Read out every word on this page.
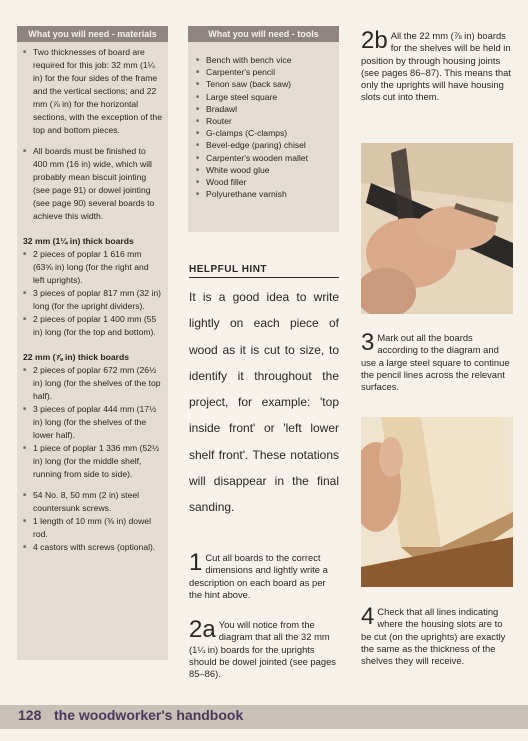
What you will need - materials
■ Two thicknesses of board are required for this job: 32 mm (1¼ in) for the four sides of the frame and the vertical sections; and 22 mm (⅞ in) for the horizontal sections, with the exception of the top and bottom pieces.
■ All boards must be finished to 400 mm (16 in) wide, which will probably mean biscuit jointing (see page 91) or dowel jointing (see page 90) several boards to achieve this width.
32 mm (1¼ in) thick boards
■ 2 pieces of poplar 1 616 mm (63⅝ in) long (for the right and left uprights).
■ 3 pieces of poplar 817 mm (32 in) long (for the upright dividers).
■ 2 pieces of poplar 1 400 mm (55 in) long (for the top and bottom).
22 mm (⅞ in) thick boards
■ 2 pieces of poplar 672 mm (26½ in) long (for the shelves of the top half).
■ 3 pieces of poplar 444 mm (17½ in) long (for the shelves of the lower half).
■ 1 piece of poplar 1 336 mm (52½ in) long (for the middle shelf, running from side to side).
■ 54 No. 8, 50 mm (2 in) steel countersunk screws.
■ 1 length of 10 mm (⅜ in) dowel rod.
■ 4 castors with screws (optional).
What you will need - tools
■ Bench with bench vice
■ Carpenter's pencil
■ Tenon saw (back saw)
■ Large steel square
■ Bradawl
■ Router
■ G-clamps (C-clamps)
■ Bevel-edge (paring) chisel
■ Carpenter's wooden mallet
■ White wood glue
■ Wood filler
■ Polyurethane varnish
HELPFUL HINT
It is a good idea to write lightly on each piece of wood as it is cut to size, to identify it throughout the project, for example: 'top inside front' or 'left lower shelf front'. These notations will disappear in the final sanding.
1 Cut all boards to the correct dimensions and lightly write a description on each board as per the hint above.
2a You will notice from the diagram that all the 32 mm (1¼ in) boards for the uprights should be dowel jointed (see pages 85–86).
2b All the 22 mm (⅞ in) boards for the shelves will be held in position by through housing joints (see pages 86–87). This means that only the uprights will have housing slots cut into them.
3 Mark out all the boards according to the diagram and use a large steel square to continue the pencil lines across the relevant surfaces.
4 Check that all lines indicating where the housing slots are to be cut (on the uprights) are exactly the same as the thickness of the shelves they will receive.
128 the woodworker's handbook
